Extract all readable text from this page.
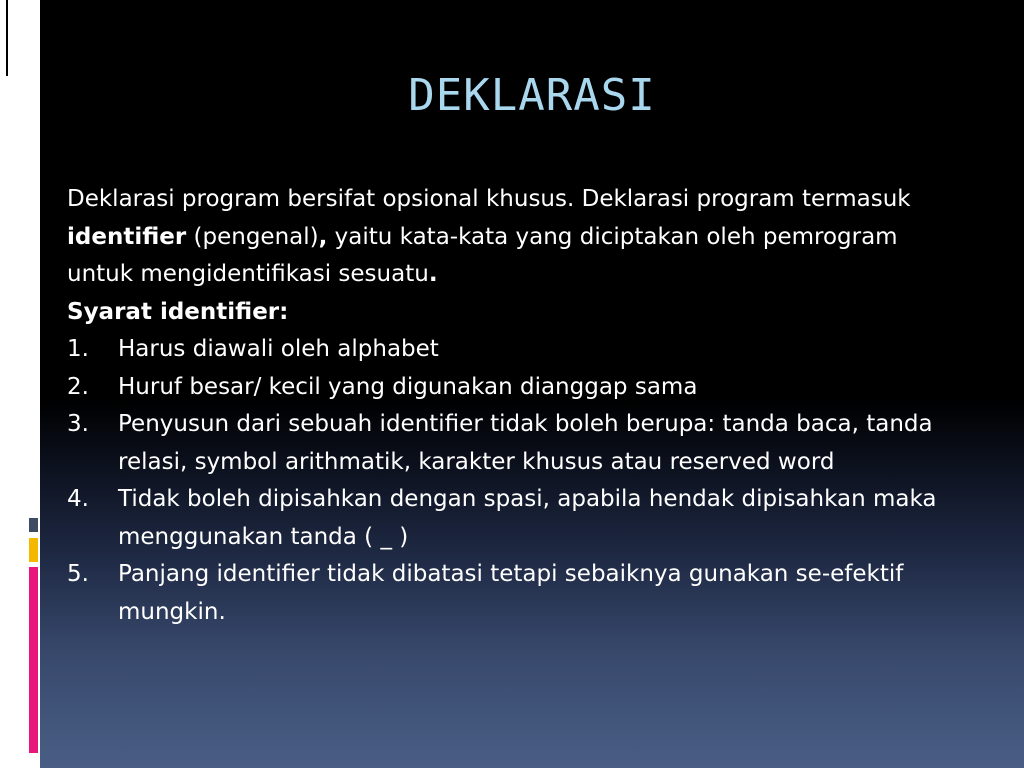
DEKLARASI

Deklarasi program bersifat opsional khusus. Deklarasi program termasuk identifier (pengenal), yaitu kata-kata yang diciptakan oleh pemrogram untuk mengidentifikasi sesuatu.

Syarat identifier:

1. Harus diawali oleh alphabet
2. Huruf besar/ kecil yang digunakan dianggap sama
3. Penyusun dari sebuah identifier tidak boleh berupa: tanda baca, tanda relasi, symbol arithmatik, karakter khusus atau reserved word
4. Tidak boleh dipisahkan dengan spasi, apabila hendak dipisahkan maka menggunakan tanda ( _ )
5. Panjang identifier tidak dibatasi tetapi sebaiknya gunakan se-efektif mungkin.
